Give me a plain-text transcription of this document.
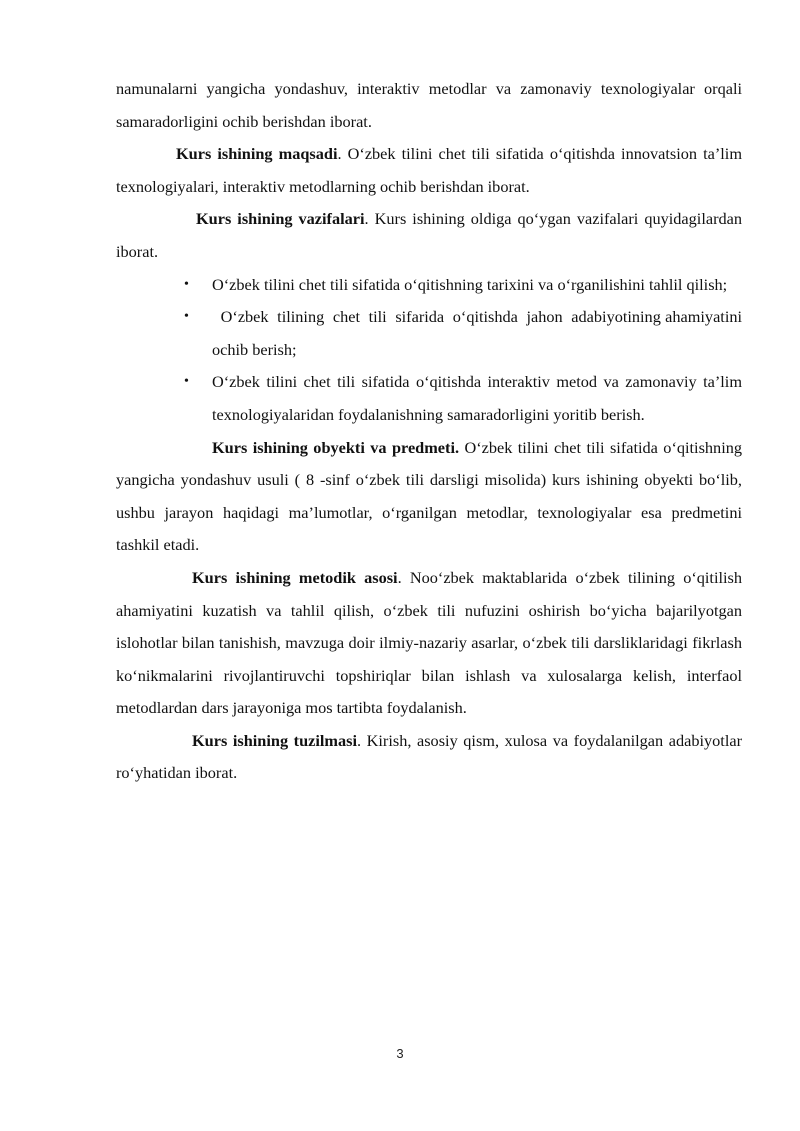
namunalarni yangicha yondashuv, interaktiv metodlar va zamonaviy texnologiyalar orqali samaradorligini ochib berishdan iborat.

Kurs ishining maqsadi. O‘zbek tilini chet tili sifatida o‘qitishda innovatsion ta’lim texnologiyalari, interaktiv metodlarning ochib berishdan iborat.

Kurs ishining vazifalari. Kurs ishining oldiga qo‘ygan vazifalari quyidagilardan iborat.

• O‘zbek tilini chet tili sifatida o‘qitishning tarixini va o‘rganilishini tahlil qilish;
• O‘zbek  tilining  chet  tili  sifarida  o‘qitishda  jahon  adabiyotining ahamiyatini ochib berish;
• O‘zbek tilini chet tili sifatida o‘qitishda interaktiv metod va zamonaviy ta’lim texnologiyalaridan foydalanishning samaradorligini yoritib berish.

Kurs ishining obyekti va predmeti. O‘zbek tilini chet tili sifatida o‘qitishning yangicha yondashuv usuli ( 8 -sinf o‘zbek tili darsligi misolida) kurs ishining obyekti bo‘lib, ushbu jarayon haqidagi ma’lumotlar, o‘rganilgan metodlar, texnologiyalar esa predmetini tashkil etadi.

Kurs ishining metodik asosi. Noo‘zbek maktablarida o‘zbek tilining o‘qitilish ahamiyatini kuzatish va tahlil qilish, o‘zbek tili nufuzini oshirish bo‘yicha bajarilyotgan islohotlar bilan tanishish, mavzuga doir ilmiy-nazariy asarlar, o‘zbek tili darsliklaridagi fikrlash ko‘nikmalarini rivojlantiruvchi topshiriqlar bilan ishlash va xulosalarga kelish, interfaol metodlardan dars jarayoniga mos tartibta foydalanish.

Kurs ishining tuzilmasi. Kirish, asosiy qism, xulosa va foydalanilgan adabiyotlar ro‘yhatidan iborat.

3
